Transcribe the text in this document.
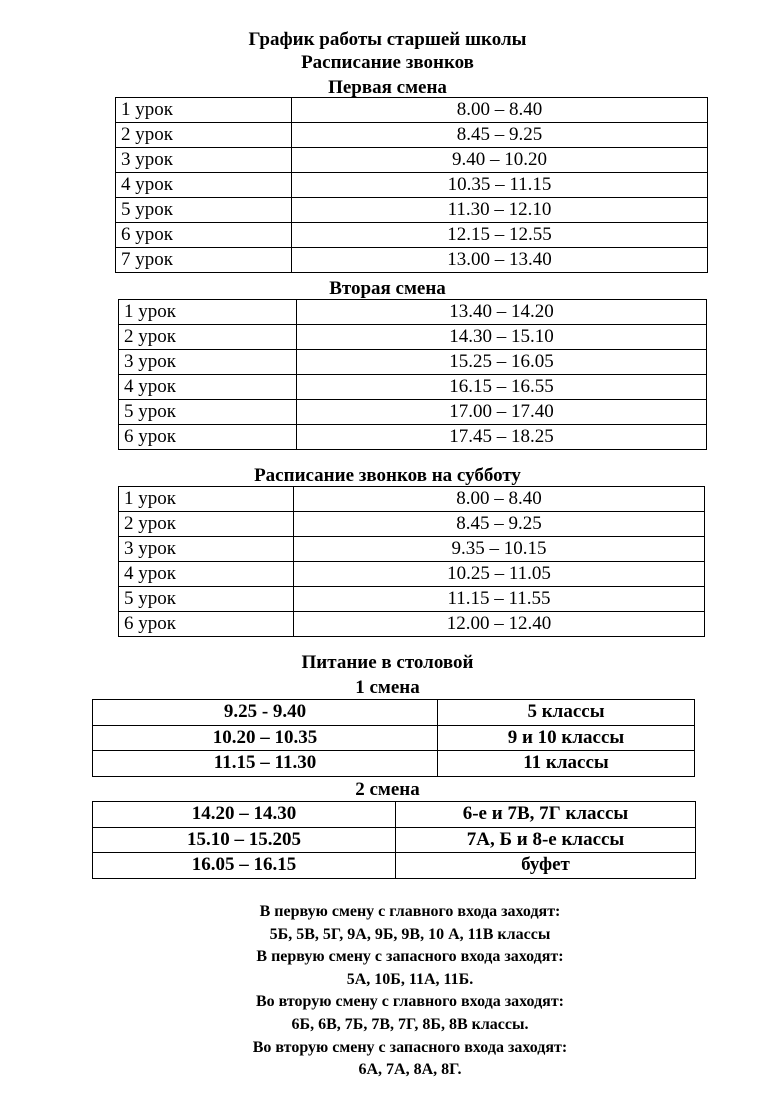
График работы старшей школы
Расписание звонков
Первая смена
1 урок	8.00 – 8.40
2 урок	8.45 – 9.25
3 урок	9.40 – 10.20
4 урок	10.35 – 11.15
5 урок	11.30 – 12.10
6 урок	12.15 – 12.55
7 урок	13.00 – 13.40
Вторая смена
1 урок	13.40 – 14.20
2 урок	14.30 – 15.10
3 урок	15.25 – 16.05
4 урок	16.15 – 16.55
5 урок	17.00 – 17.40
6 урок	17.45 – 18.25
Расписание звонков на субботу
1 урок	8.00 – 8.40
2 урок	8.45 – 9.25
3 урок	9.35 – 10.15
4 урок	10.25 – 11.05
5 урок	11.15 – 11.55
6 урок	12.00 – 12.40
Питание в столовой
1 смена
9.25 - 9.40	5 классы
10.20 – 10.35	9 и 10 классы
11.15 – 11.30	11 классы
2 смена
14.20 – 14.30	6-е и 7В, 7Г классы
15.10 – 15.205	7А, Б и 8-е классы
16.05 – 16.15	буфет
В первую смену с главного входа заходят:
5Б, 5В, 5Г, 9А, 9Б, 9В, 10 А, 11В классы
В первую смену с запасного входа заходят:
5А, 10Б, 11А, 11Б.
Во вторую смену с главного входа заходят:
6Б, 6В, 7Б, 7В, 7Г, 8Б, 8В классы.
Во вторую смену с запасного входа заходят:
6А, 7А, 8А, 8Г.
